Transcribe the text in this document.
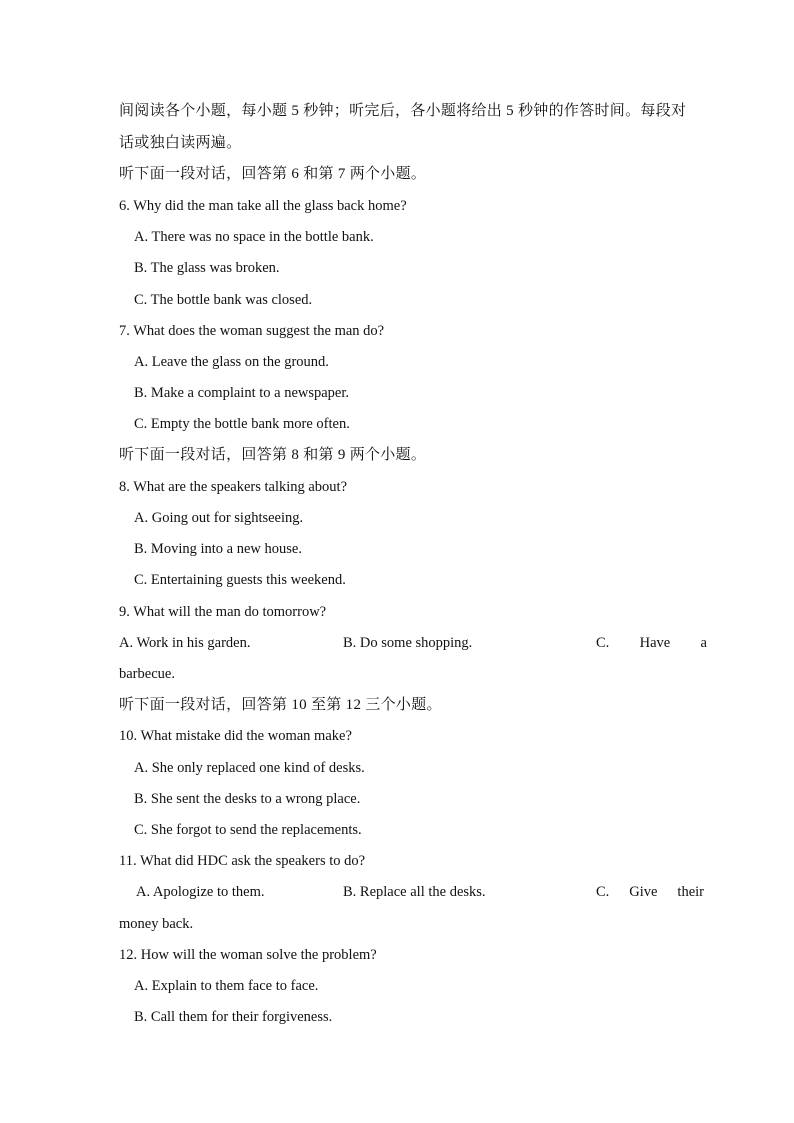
间阅读各个小题，每小题 5 秒钟；听完后，各小题将给出 5 秒钟的作答时间。每段对
话或独白读两遍。
听下面一段对话，回答第 6 和第 7 两个小题。
6. Why did the man take all the glass back home?
A. There was no space in the bottle bank.
B. The glass was broken.
C. The bottle bank was closed.
7. What does the woman suggest the man do?
A. Leave the glass on the ground.
B. Make a complaint to a newspaper.
C. Empty the bottle bank more often.
听下面一段对话，回答第 8 和第 9 两个小题。
8. What are the speakers talking about?
A. Going out for sightseeing.
B. Moving into a new house.
C. Entertaining guests this weekend.
9. What will the man do tomorrow?
A. Work in his garden.	B. Do some shopping.	C. Have a
barbecue.
听下面一段对话，回答第 10 至第 12 三个小题。
10. What mistake did the woman make?
A. She only replaced one kind of desks.
B. She sent the desks to a wrong place.
C. She forgot to send the replacements.
11. What did HDC ask the speakers to do?
A. Apologize to them.	B. Replace all the desks.	C. Give their
money back.
12. How will the woman solve the problem?
A. Explain to them face to face.
B. Call them for their forgiveness.
